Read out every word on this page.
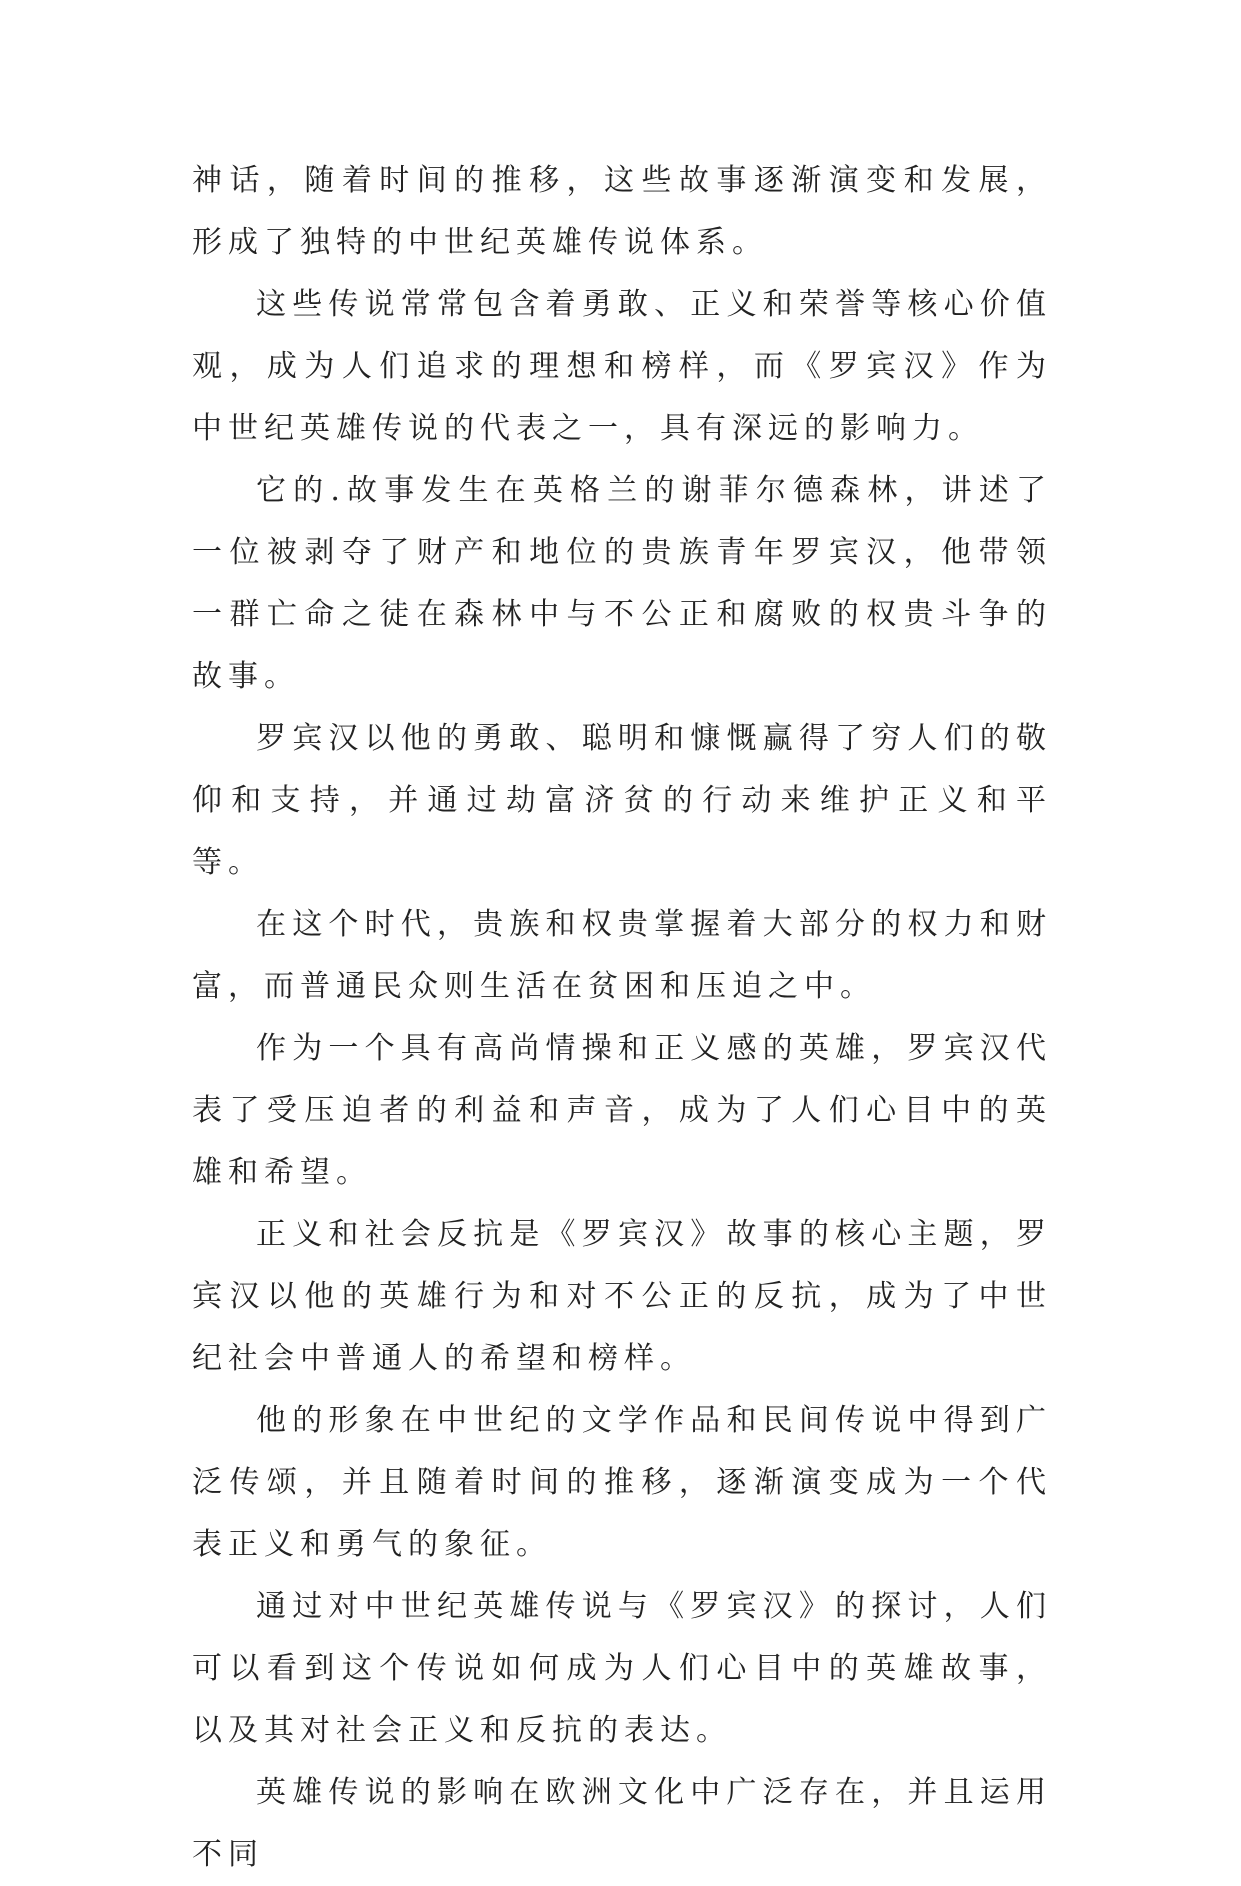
神话，随着时间的推移，这些故事逐渐演变和发展，形成了独特的中世纪英雄传说体系。

这些传说常常包含着勇敢、正义和荣誉等核心价值观，成为人们追求的理想和榜样，而《罗宾汉》作为中世纪英雄传说的代表之一，具有深远的影响力。

它的.故事发生在英格兰的谢菲尔德森林，讲述了一位被剥夺了财产和地位的贵族青年罗宾汉，他带领一群亡命之徒在森林中与不公正和腐败的权贵斗争的故事。

罗宾汉以他的勇敢、聪明和慷慨赢得了穷人们的敬仰和支持，并通过劫富济贫的行动来维护正义和平等。

在这个时代，贵族和权贵掌握着大部分的权力和财富，而普通民众则生活在贫困和压迫之中。

作为一个具有高尚情操和正义感的英雄，罗宾汉代表了受压迫者的利益和声音，成为了人们心目中的英雄和希望。

正义和社会反抗是《罗宾汉》故事的核心主题，罗宾汉以他的英雄行为和对不公正的反抗，成为了中世纪社会中普通人的希望和榜样。

他的形象在中世纪的文学作品和民间传说中得到广泛传颂，并且随着时间的推移，逐渐演变成为一个代表正义和勇气的象征。

通过对中世纪英雄传说与《罗宾汉》的探讨，人们可以看到这个传说如何成为人们心目中的英雄故事，以及其对社会正义和反抗的表达。

英雄传说的影响在欧洲文化中广泛存在，并且运用不同
